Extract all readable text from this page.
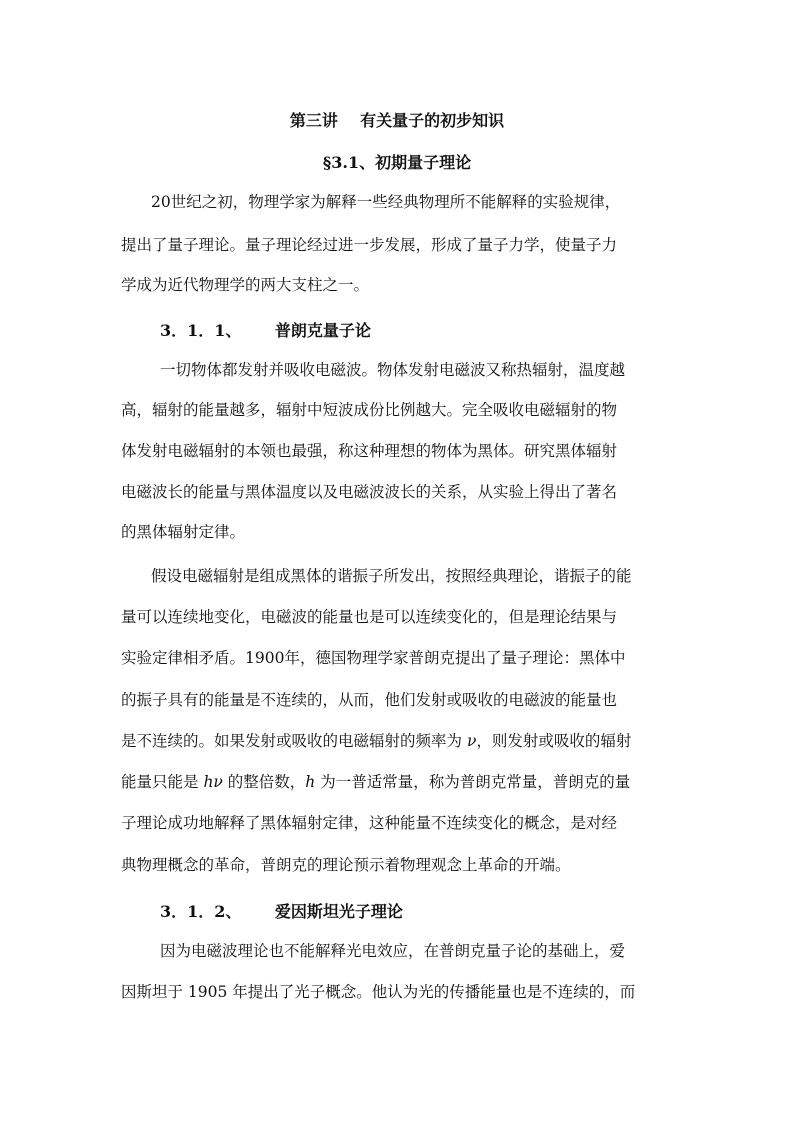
第三讲    有关量子的初步知识
§3.1、初期量子理论
20世纪之初，物理学家为解释一些经典物理所不能解释的实验规律，
提出了量子理论。量子理论经过进一步发展，形成了量子力学，使量子力
学成为近代物理学的两大支柱之一。
3．1．1、      普朗克量子论
一切物体都发射并吸收电磁波。物体发射电磁波又称热辐射，温度越
高，辐射的能量越多，辐射中短波成份比例越大。完全吸收电磁辐射的物
体发射电磁辐射的本领也最强，称这种理想的物体为黑体。研究黑体辐射
电磁波长的能量与黑体温度以及电磁波波长的关系，从实验上得出了著名
的黑体辐射定律。
假设电磁辐射是组成黑体的谐振子所发出，按照经典理论，谐振子的能
量可以连续地变化，电磁波的能量也是可以连续变化的，但是理论结果与
实验定律相矛盾。1900年，德国物理学家普朗克提出了量子理论：黑体中
的振子具有的能量是不连续的，从而，他们发射或吸收的电磁波的能量也
是不连续的。如果发射或吸收的电磁辐射的频率为 ν，则发射或吸收的辐射
能量只能是 hν 的整倍数，h 为一普适常量，称为普朗克常量，普朗克的量
子理论成功地解释了黑体辐射定律，这种能量不连续变化的概念，是对经
典物理概念的革命，普朗克的理论预示着物理观念上革命的开端。
3．1．2、      爱因斯坦光子理论
因为电磁波理论也不能解释光电效应，在普朗克量子论的基础上，爱
因斯坦于 1905 年提出了光子概念。他认为光的传播能量也是不连续的，而
